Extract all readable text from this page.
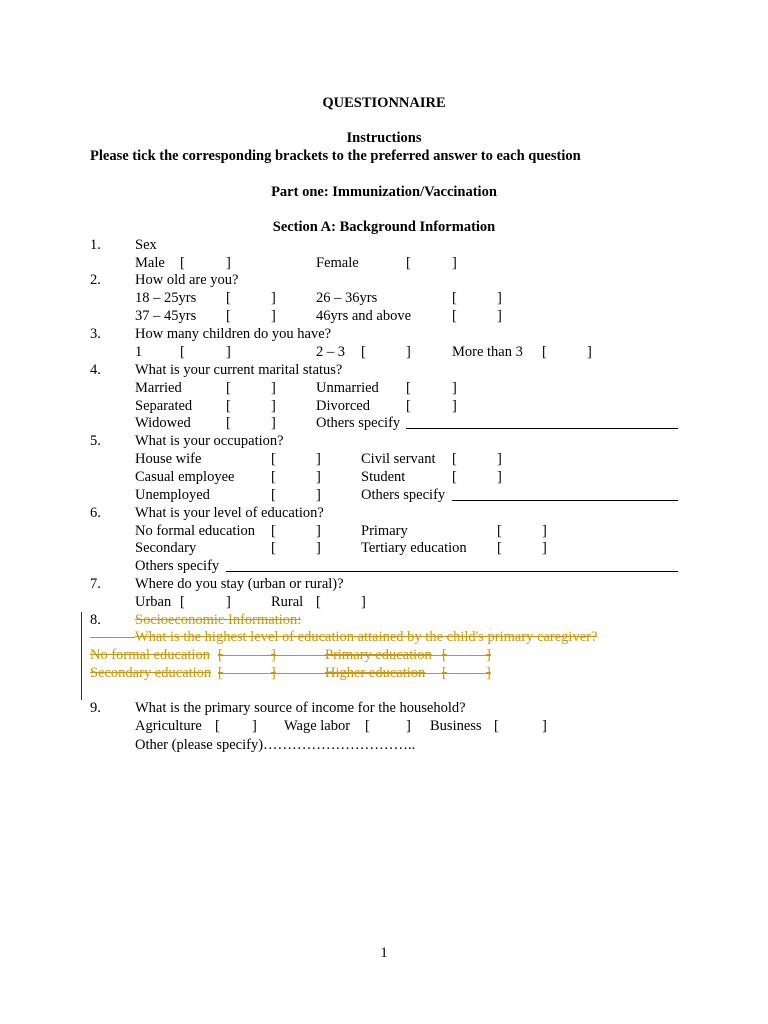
QUESTIONNAIRE
Instructions
Please tick the corresponding brackets to the preferred answer to each question
Part one: Immunization/Vaccination
Section A: Background Information
1. Sex
Male [	]	Female	[	]
2. How old are you?
18 – 25yrs [	]	26 – 36yrs	[	]
37 – 45yrs [	]	46yrs and above	[	]
3. How many children do you have?
1	[	]	2 – 3 [	]	More than 3 [	]
4. What is your current marital status?
Married	[	]	Unmarried [	]
Separated [	]	Divorced [	]
Widowed [	]	Others specify
5. What is your occupation?
House wife	[	]	Civil servant [	]
Casual employee	[	]	Student	[	]
Unemployed	[	]	Others specify
6. What is your level of education?
No formal education [	]	Primary	[	]
Secondary	[	]	Tertiary education [	]
Others specify
7. Where do you stay (urban or rural)?
Urban [	]	Rural [	]
8. Socioeconomic Information:
What is the highest level of education attained by the child's primary caregiver?
No formal education [	]	Primary education [	]
Secondary education [	]	Higher education [	]
9. What is the primary source of income for the household?
Agriculture [ ] Wage labor [ ] Business [	]
Other (please specify)…………………………..
1
